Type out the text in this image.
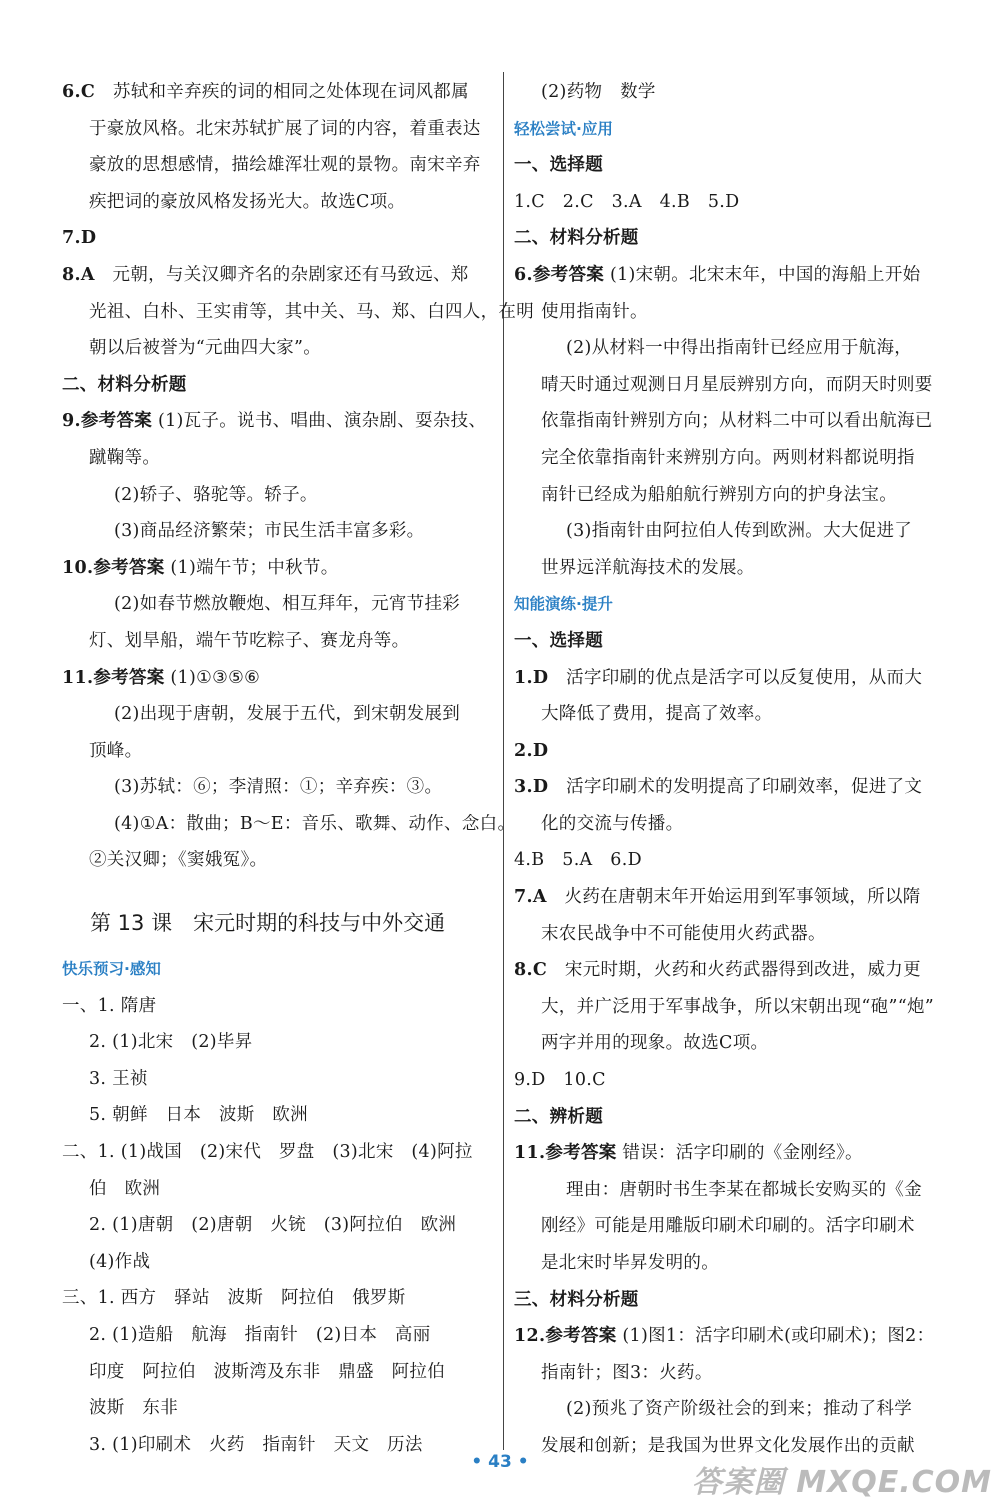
6.C　苏轼和辛弃疾的词的相同之处体现在词风都属
于豪放风格。北宋苏轼扩展了词的内容，着重表达
豪放的思想感情，描绘雄浑壮观的景物。南宋辛弃
疾把词的豪放风格发扬光大。故选C项。
7.D
8.A　元朝，与关汉卿齐名的杂剧家还有马致远、郑
光祖、白朴、王实甫等，其中关、马、郑、白四人，在明
朝以后被誉为“元曲四大家”。
二、材料分析题
9.参考答案 (1)瓦子。说书、唱曲、演杂剧、耍杂技、
蹴鞠等。
(2)轿子、骆驼等。轿子。
(3)商品经济繁荣；市民生活丰富多彩。
10.参考答案 (1)端午节；中秋节。
(2)如春节燃放鞭炮、相互拜年，元宵节挂彩
灯、划旱船，端午节吃粽子、赛龙舟等。
11.参考答案 (1)①③⑤⑥
(2)出现于唐朝，发展于五代，到宋朝发展到
顶峰。
(3)苏轼：⑥；李清照：①；辛弃疾：③。
(4)①A：散曲；B～E：音乐、歌舞、动作、念白。
②关汉卿；《窦娥冤》。
第 13 课　宋元时期的科技与中外交通
快乐预习·感知
一、1. 隋唐
2. (1)北宋　(2)毕昇
3. 王祯
5. 朝鲜　日本　波斯　欧洲
二、1. (1)战国　(2)宋代　罗盘　(3)北宋　(4)阿拉
伯　欧洲
2. (1)唐朝　(2)唐朝　火铳　(3)阿拉伯　欧洲
(4)作战
三、1. 西方　驿站　波斯　阿拉伯　俄罗斯
2. (1)造船　航海　指南针　(2)日本　高丽
印度　阿拉伯　波斯湾及东非　鼎盛　阿拉伯
波斯　东非
3. (1)印刷术　火药　指南针　天文　历法
(2)药物　数学
轻松尝试·应用
一、选择题
1.C　2.C　3.A　4.B　5.D
二、材料分析题
6.参考答案 (1)宋朝。北宋末年，中国的海船上开始
使用指南针。
(2)从材料一中得出指南针已经应用于航海，
晴天时通过观测日月星辰辨别方向，而阴天时则要
依靠指南针辨别方向；从材料二中可以看出航海已
完全依靠指南针来辨别方向。两则材料都说明指
南针已经成为船舶航行辨别方向的护身法宝。
(3)指南针由阿拉伯人传到欧洲。大大促进了
世界远洋航海技术的发展。
知能演练·提升
一、选择题
1.D　活字印刷的优点是活字可以反复使用，从而大
大降低了费用，提高了效率。
2.D
3.D　活字印刷术的发明提高了印刷效率，促进了文
化的交流与传播。
4.B　5.A　6.D
7.A　火药在唐朝末年开始运用到军事领域，所以隋
末农民战争中不可能使用火药武器。
8.C　宋元时期，火药和火药武器得到改进，威力更
大，并广泛用于军事战争，所以宋朝出现“砲”“炮”
两字并用的现象。故选C项。
9.D　10.C
二、辨析题
11.参考答案 错误：活字印刷的《金刚经》。
理由：唐朝时书生李某在都城长安购买的《金
刚经》可能是用雕版印刷术印刷的。活字印刷术
是北宋时毕昇发明的。
三、材料分析题
12.参考答案 (1)图1：活字印刷术(或印刷术)；图2：
指南针；图3：火药。
(2)预兆了资产阶级社会的到来；推动了科学
发展和创新；是我国为世界文化发展作出的贡献
• 43 •
答案圈 MXQE.COM
